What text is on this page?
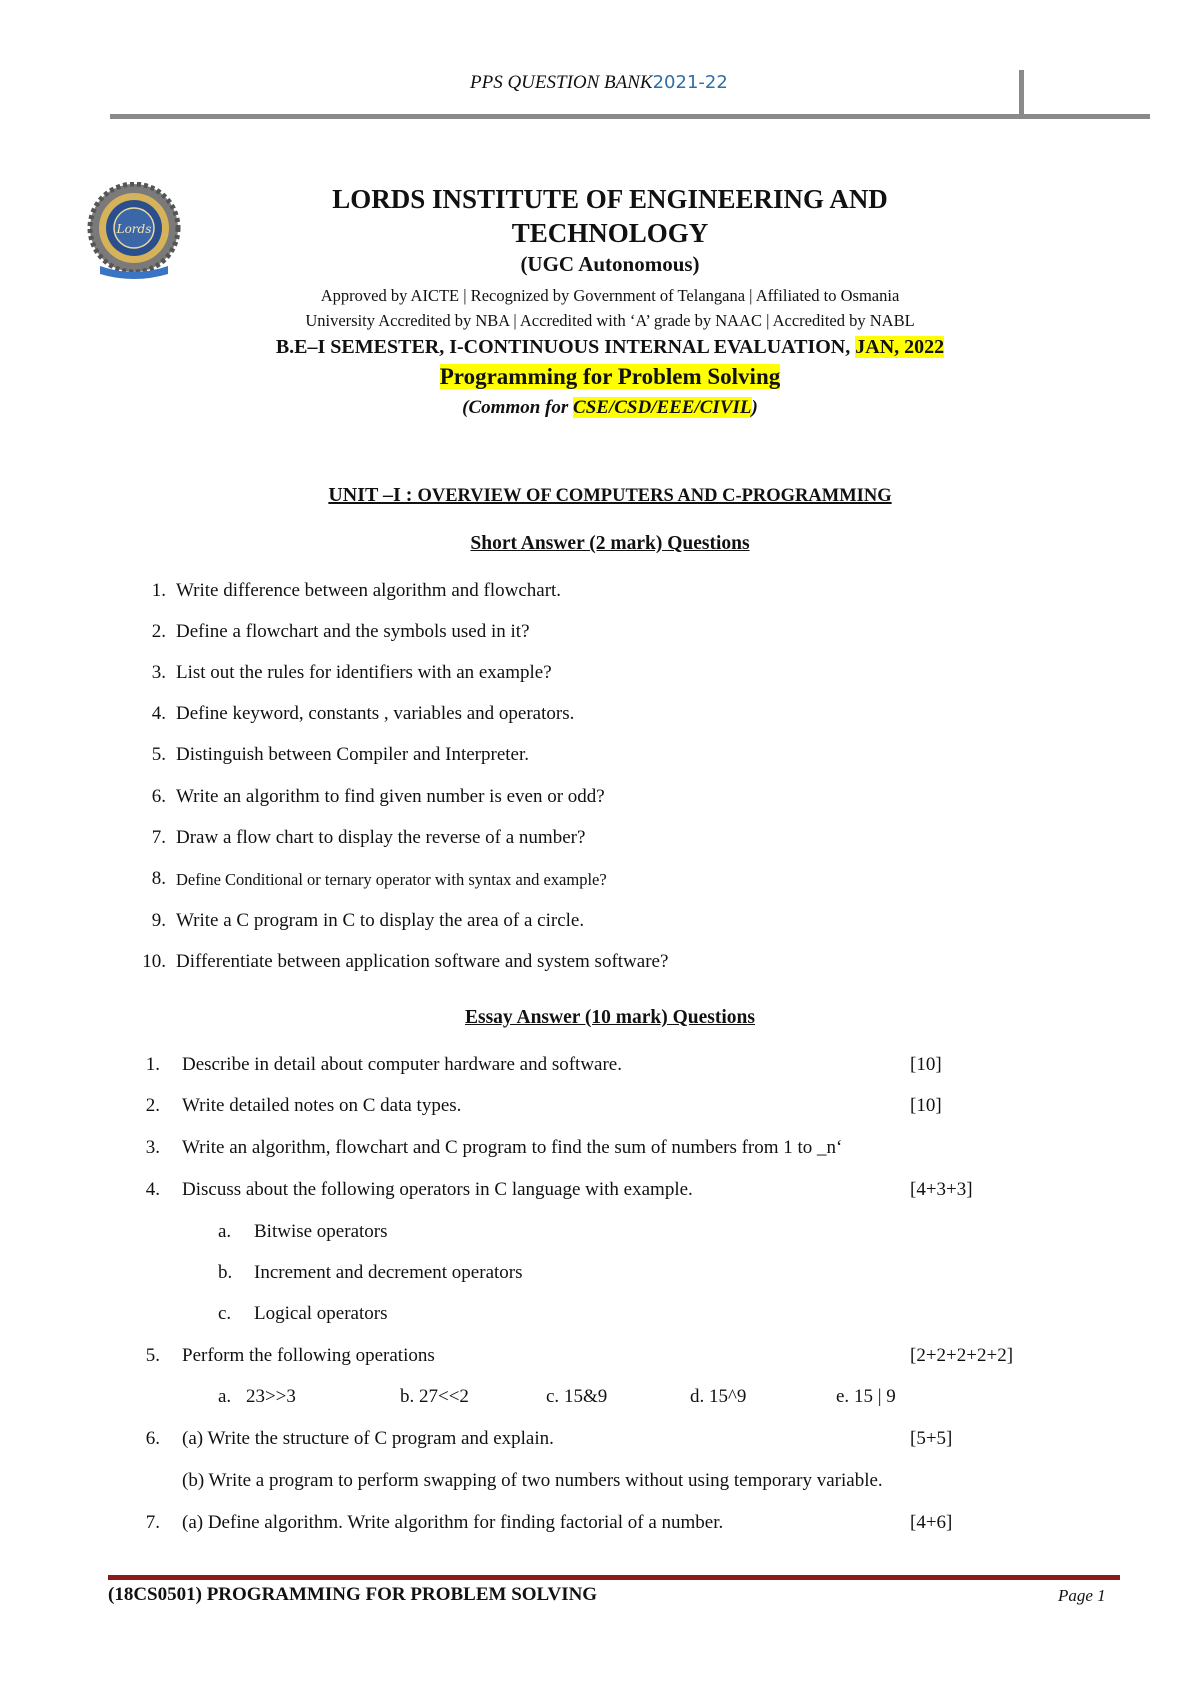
PPS QUESTION BANK2021-22
Lords
LORDS INSTITUTE OF ENGINEERING AND
TECHNOLOGY
(UGC Autonomous)
Approved by AICTE | Recognized by Government of Telangana | Affiliated to Osmania
University Accredited by NBA | Accredited with ‘A’ grade by NAAC | Accredited by NABL
B.E–I SEMESTER, I-CONTINUOUS INTERNAL EVALUATION, JAN, 2022
Programming for Problem Solving
(Common for CSE/CSD/EEE/CIVIL)
UNIT –I : OVERVIEW OF COMPUTERS AND C-PROGRAMMING
Short Answer (2 mark) Questions
1. Write difference between algorithm and flowchart.
2. Define a flowchart and the symbols used in it?
3. List out the rules for identifiers with an example?
4. Define keyword, constants , variables and operators.
5. Distinguish between Compiler and Interpreter.
6. Write an algorithm to find given number is even or odd?
7. Draw a flow chart to display the reverse of a number?
8. Define Conditional or ternary operator with syntax and example?
9. Write a C program in C to display the area of a circle.
10. Differentiate between application software and system software?
Essay Answer (10 mark) Questions
1. Describe in detail about computer hardware and software.	[10]
2. Write detailed notes on C data types.	[10]
3. Write an algorithm, flowchart and C program to find the sum of numbers from 1 to _n‘
4. Discuss about the following operators in C language with example.	[4+3+3]
a. Bitwise operators
b. Increment and decrement operators
c. Logical operators
5. Perform the following operations	[2+2+2+2+2]
a. 23>>3	b. 27<<2	c. 15&9	d. 15^9	e. 15 | 9
6. (a) Write the structure of C program and explain.	[5+5]
(b) Write a program to perform swapping of two numbers without using temporary variable.
7. (a) Define algorithm. Write algorithm for finding factorial of a number.	[4+6]
(18CS0501) PROGRAMMING FOR PROBLEM SOLVING	Page 1
